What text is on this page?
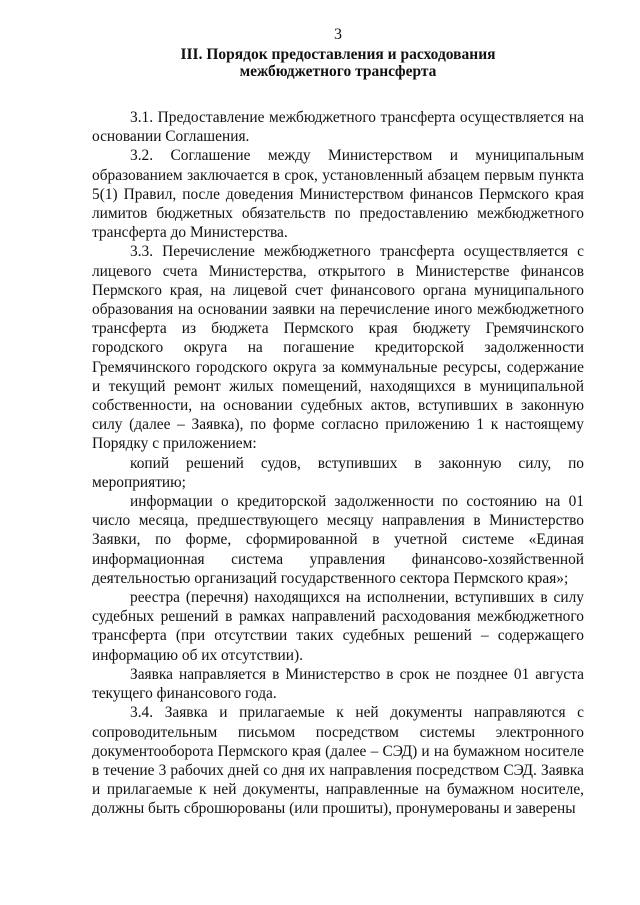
3
III. Порядок предоставления и расходования
межбюджетного трансферта

3.1. Предоставление межбюджетного трансферта осуществляется на основании Соглашения.

3.2. Соглашение между Министерством и муниципальным образованием заключается в срок, установленный абзацем первым пункта 5(1) Правил, после доведения Министерством финансов Пермского края лимитов бюджетных обязательств по предоставлению межбюджетного трансферта до Министерства.

3.3. Перечисление межбюджетного трансферта осуществляется с лицевого счета Министерства, открытого в Министерстве финансов Пермского края, на лицевой счет финансового органа муниципального образования на основании заявки на перечисление иного межбюджетного трансферта из бюджета Пермского края бюджету Гремячинского городского округа на погашение кредиторской задолженности Гремячинского городского округа за коммунальные ресурсы, содержание и текущий ремонт жилых помещений, находящихся в муниципальной собственности, на основании судебных актов, вступивших в законную силу (далее – Заявка), по форме согласно приложению 1 к настоящему Порядку с приложением:

копий решений судов, вступивших в законную силу, по мероприятию;

информации о кредиторской задолженности по состоянию на 01 число месяца, предшествующего месяцу направления в Министерство Заявки, по форме, сформированной в учетной системе «Единая информационная система управления финансово-хозяйственной деятельностью организаций государственного сектора Пермского края»;

реестра (перечня) находящихся на исполнении, вступивших в силу судебных решений в рамках направлений расходования межбюджетного трансферта (при отсутствии таких судебных решений – содержащего информацию об их отсутствии).

Заявка направляется в Министерство в срок не позднее 01 августа текущего финансового года.

3.4. Заявка и прилагаемые к ней документы направляются с сопроводительным письмом посредством системы электронного документооборота Пермского края (далее – СЭД) и на бумажном носителе в течение 3 рабочих дней со дня их направления посредством СЭД. Заявка и прилагаемые к ней документы, направленные на бумажном носителе, должны быть сброшюрованы (или прошиты), пронумерованы и заверены
